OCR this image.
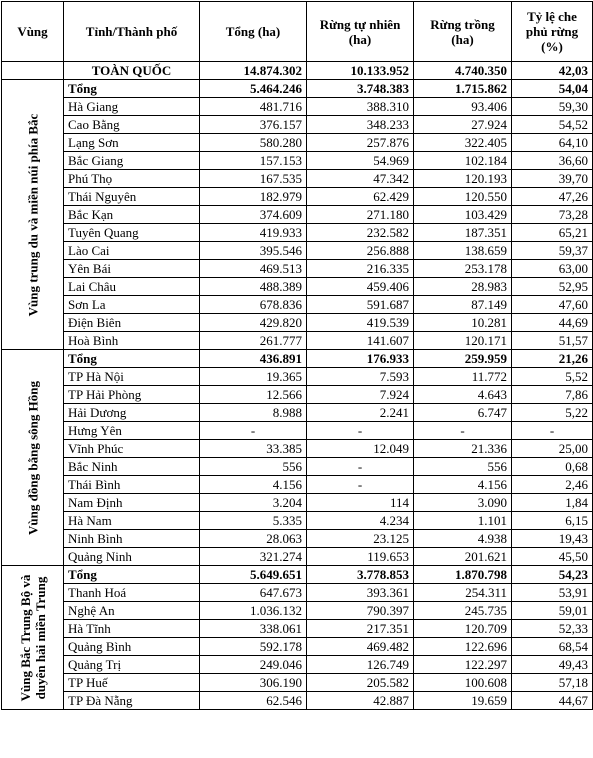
Vùng	Tỉnh/Thành phố	Tổng (ha)	Rừng tự nhiên (ha)	Rừng trồng (ha)	Tỷ lệ che phủ rừng (%)
	TOÀN QUỐC	14.874.302	10.133.952	4.740.350	42,03

Vùng trung du và miền núi phía Bắc	Tổng	5.464.246	3.748.383	1.715.862	54,04
	Hà Giang	481.716	388.310	93.406	59,30
	Cao Bằng	376.157	348.233	27.924	54,52
	Lạng Sơn	580.280	257.876	322.405	64,10
	Bắc Giang	157.153	54.969	102.184	36,60
	Phú Thọ	167.535	47.342	120.193	39,70
	Thái Nguyên	182.979	62.429	120.550	47,26
	Bắc Kạn	374.609	271.180	103.429	73,28
	Tuyên Quang	419.933	232.582	187.351	65,21
	Lào Cai	395.546	256.888	138.659	59,37
	Yên Bái	469.513	216.335	253.178	63,00
	Lai Châu	488.389	459.406	28.983	52,95
	Sơn La	678.836	591.687	87.149	47,60
	Điện Biên	429.820	419.539	10.281	44,69
	Hoà Bình	261.777	141.607	120.171	51,57

Vùng đồng bằng sông Hồng	Tổng	436.891	176.933	259.959	21,26
	TP Hà Nội	19.365	7.593	11.772	5,52
	TP Hải Phòng	12.566	7.924	4.643	7,86
	Hải Dương	8.988	2.241	6.747	5,22
	Hưng Yên	-	-	-	-
	Vĩnh Phúc	33.385	12.049	21.336	25,00
	Bắc Ninh	556	-	556	0,68
	Thái Bình	4.156	-	4.156	2,46
	Nam Định	3.204	114	3.090	1,84
	Hà Nam	5.335	4.234	1.101	6,15
	Ninh Bình	28.063	23.125	4.938	19,43
	Quảng Ninh	321.274	119.653	201.621	45,50

Vùng Bắc Trung Bộ và duyên hải miền Trung	Tổng	5.649.651	3.778.853	1.870.798	54,23
	Thanh Hoá	647.673	393.361	254.311	53,91
	Nghệ An	1.036.132	790.397	245.735	59,01
	Hà Tĩnh	338.061	217.351	120.709	52,33
	Quảng Bình	592.178	469.482	122.696	68,54
	Quảng Trị	249.046	126.749	122.297	49,43
	TP Huế	306.190	205.582	100.608	57,18
	TP Đà Nẵng	62.546	42.887	19.659	44,67
